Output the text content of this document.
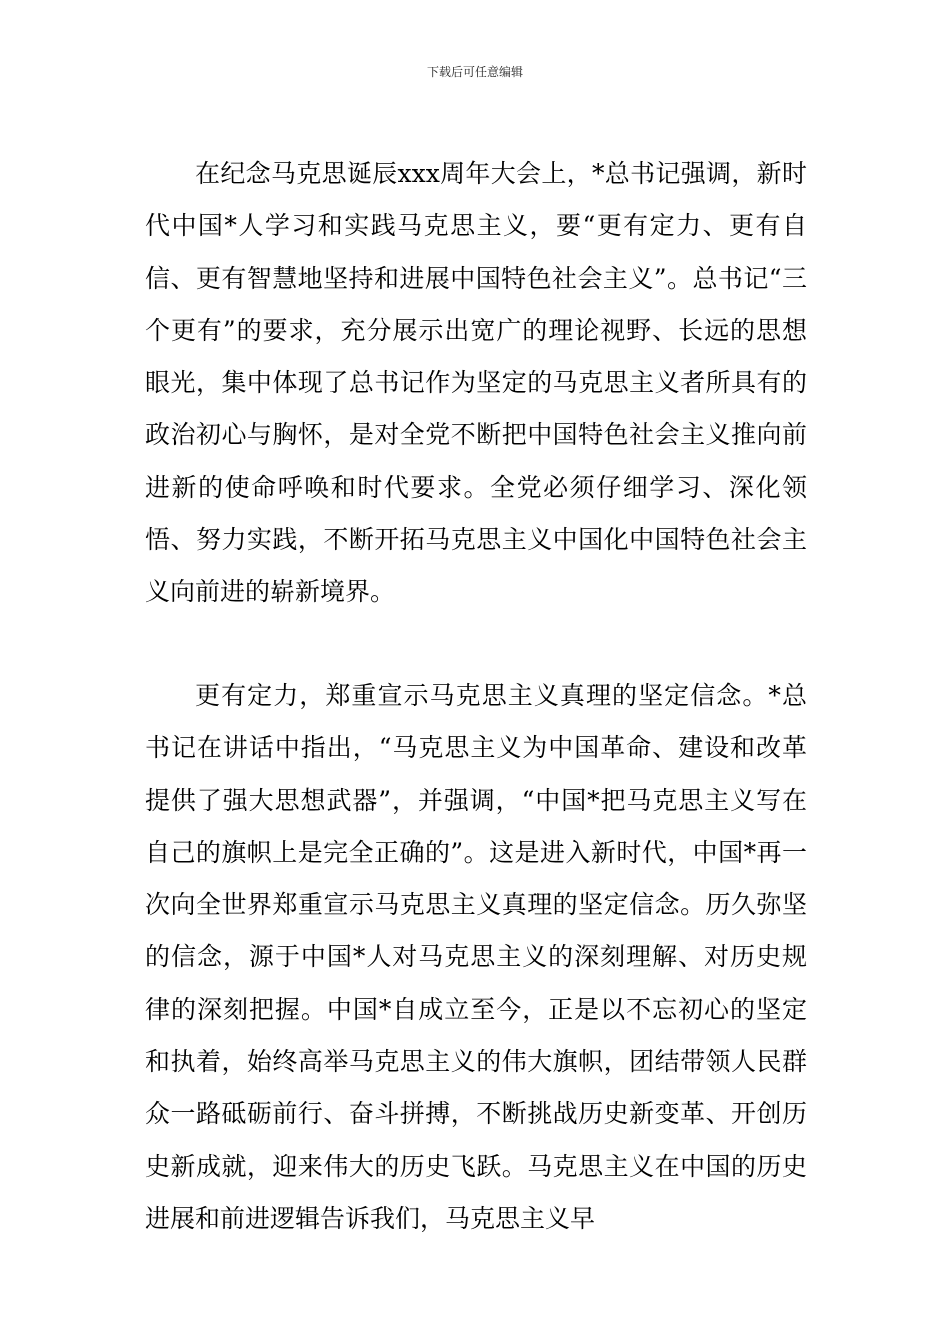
下载后可任意编辑

在纪念马克思诞辰xxx周年大会上，*总书记强调，新时代中国*人学习和实践马克思主义，要“更有定力、更有自信、更有智慧地坚持和进展中国特色社会主义”。总书记“三个更有”的要求，充分展示出宽广的理论视野、长远的思想眼光，集中体现了总书记作为坚定的马克思主义者所具有的政治初心与胸怀，是对全党不断把中国特色社会主义推向前进新的使命呼唤和时代要求。全党必须仔细学习、深化领悟、努力实践，不断开拓马克思主义中国化中国特色社会主义向前进的崭新境界。

更有定力，郑重宣示马克思主义真理的坚定信念。*总书记在讲话中指出，“马克思主义为中国革命、建设和改革提供了强大思想武器”，并强调，“中国*把马克思主义写在自己的旗帜上是完全正确的”。这是进入新时代，中国*再一次向全世界郑重宣示马克思主义真理的坚定信念。历久弥坚的信念，源于中国*人对马克思主义的深刻理解、对历史规律的深刻把握。中国*自成立至今，正是以不忘初心的坚定和执着，始终高举马克思主义的伟大旗帜，团结带领人民群众一路砥砺前行、奋斗拼搏，不断挑战历史新变革、开创历史新成就，迎来伟大的历史飞跃。马克思主义在中国的历史进展和前进逻辑告诉我们，马克思主义早
